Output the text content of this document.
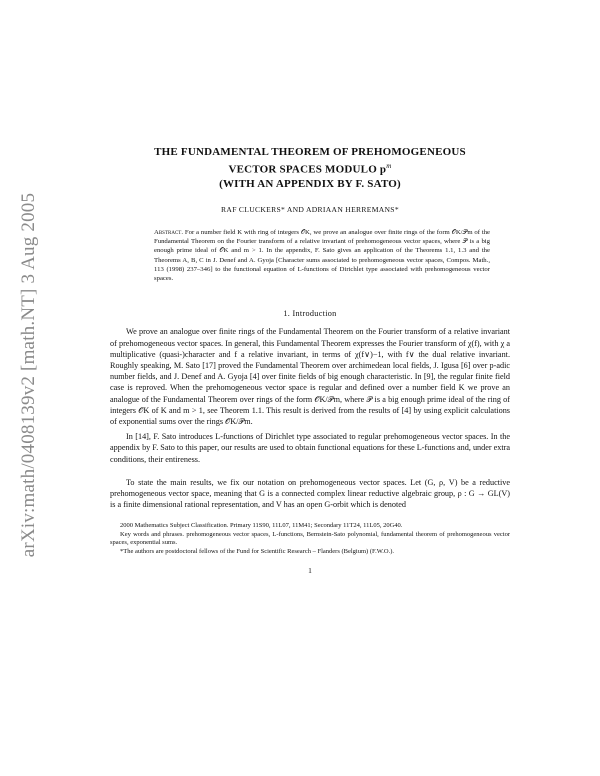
arXiv:math/0408139v2 [math.NT] 3 Aug 2005
THE FUNDAMENTAL THEOREM OF PREHOMOGENEOUS
VECTOR SPACES MODULO $p^m$
(WITH AN APPENDIX BY F. SATO)
RAF CLUCKERS* AND ADRIAAN HERREMANS*
Abstract. For a number field K with ring of integers 𝒪K, we prove an analogue over finite rings of the form 𝒪K/𝒫m of the Fundamental Theorem on the Fourier transform of a relative invariant of prehomogeneous vector spaces, where 𝒫 is a big enough prime ideal of 𝒪K and m > 1. In the appendix, F. Sato gives an application of the Theorems 1.1, 1.3 and the Theorems A, B, C in J. Denef and A. Gyoja [Character sums associated to prehomogeneous vector spaces, Compos. Math., 113 (1998) 237–346] to the functional equation of L-functions of Dirichlet type associated with prehomogeneous vector spaces.
1. Introduction
We prove an analogue over finite rings of the Fundamental Theorem on the Fourier transform of a relative invariant of prehomogeneous vector spaces. In general, this Fundamental Theorem expresses the Fourier transform of χ(f), with χ a multiplicative (quasi-)character and f a relative invariant, in terms of χ(f∨)−1, with f∨ the dual relative invariant. Roughly speaking, M. Sato [17] proved the Fundamental Theorem over archimedean local fields, J. Igusa [6] over p-adic number fields, and J. Denef and A. Gyoja [4] over finite fields of big enough characteristic. In [9], the regular finite field case is reproved. When the prehomogeneous vector space is regular and defined over a number field K we prove an analogue of the Fundamental Theorem over rings of the form 𝒪K/𝒫m, where 𝒫 is a big enough prime ideal of the ring of integers 𝒪K of K and m > 1, see Theorem 1.1. This result is derived from the results of [4] by using explicit calculations of exponential sums over the rings 𝒪K/𝒫m.
In [14], F. Sato introduces L-functions of Dirichlet type associated to regular prehomogeneous vector spaces. In the appendix by F. Sato to this paper, our results are used to obtain functional equations for these L-functions and, under extra conditions, their entireness.
To state the main results, we fix our notation on prehomogeneous vector spaces. Let (G, ρ, V) be a reductive prehomogeneous vector space, meaning that G is a connected complex linear reductive algebraic group, ρ : G → GL(V) is a finite dimensional rational representation, and V has an open G-orbit which is denoted

2000 Mathematics Subject Classification. Primary 11S90, 11L07, 11M41; Secondary 11T24, 11L05, 20G40.

Key words and phrases. prehomogeneous vector spaces, L-functions, Bernstein-Sato polynomial, fundamental theorem of prehomogeneous vector spaces, exponential sums.

*The authors are postdoctoral fellows of the Fund for Scientific Research – Flanders (Belgium) (F.W.O.).

1
